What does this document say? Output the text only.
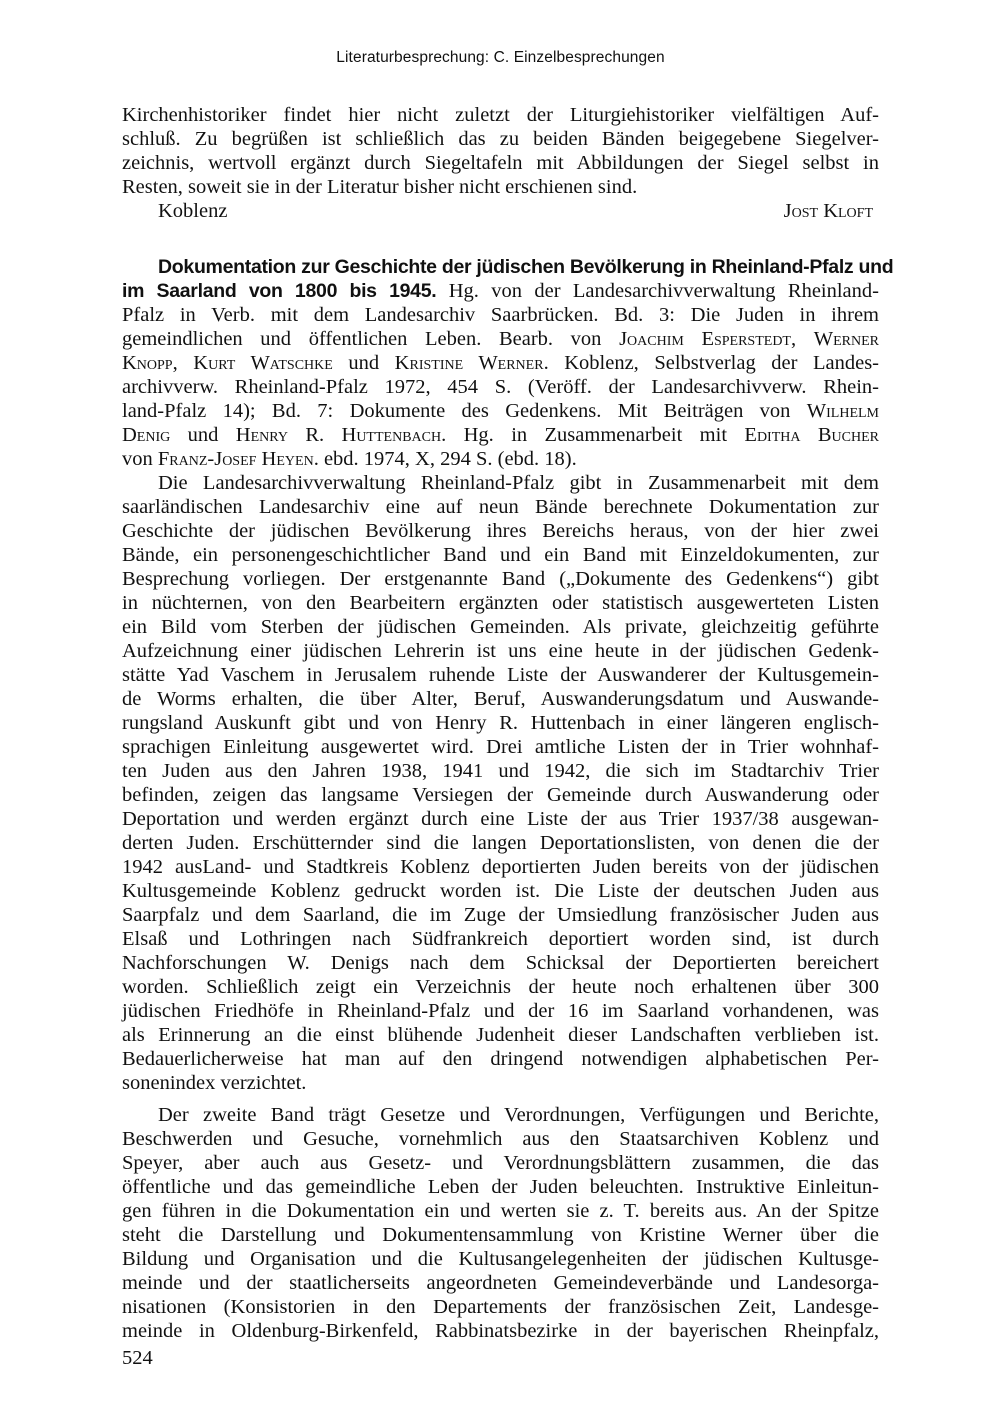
Literaturbesprechung: C. Einzelbesprechungen
Kirchenhistoriker findet hier nicht zuletzt der Liturgiehistoriker vielfältigen Auf-
schluß. Zu begrüßen ist schließlich das zu beiden Bänden beigegebene Siegelver-
zeichnis, wertvoll ergänzt durch Siegeltafeln mit Abbildungen der Siegel selbst in
Resten, soweit sie in der Literatur bisher nicht erschienen sind.
Koblenz	Jost Kloft
Dokumentation zur Geschichte der jüdischen Bevölkerung in Rheinland-Pfalz und
im Saarland von 1800 bis 1945. Hg. von der Landesarchivverwaltung Rheinland-
Pfalz in Verb. mit dem Landesarchiv Saarbrücken. Bd. 3: Die Juden in ihrem
gemeindlichen und öffentlichen Leben. Bearb. von Joachim Esperstedt, Werner
Knopp, Kurt Watschke und Kristine Werner. Koblenz, Selbstverlag der Landes-
archivverw. Rheinland-Pfalz 1972, 454 S. (Veröff. der Landesarchivverw. Rhein-
land-Pfalz 14); Bd. 7: Dokumente des Gedenkens. Mit Beiträgen von Wilhelm
Denig und Henry R. Huttenbach. Hg. in Zusammenarbeit mit Editha Bucher
von Franz-Josef Heyen. ebd. 1974, X, 294 S. (ebd. 18).
Die Landesarchivverwaltung Rheinland-Pfalz gibt in Zusammenarbeit mit dem
saarländischen Landesarchiv eine auf neun Bände berechnete Dokumentation zur
Geschichte der jüdischen Bevölkerung ihres Bereichs heraus, von der hier zwei
Bände, ein personengeschichtlicher Band und ein Band mit Einzeldokumenten, zur
Besprechung vorliegen. Der erstgenannte Band („Dokumente des Gedenkens“) gibt
in nüchternen, von den Bearbeitern ergänzten oder statistisch ausgewerteten Listen
ein Bild vom Sterben der jüdischen Gemeinden. Als private, gleichzeitig geführte
Aufzeichnung einer jüdischen Lehrerin ist uns eine heute in der jüdischen Gedenk-
stätte Yad Vaschem in Jerusalem ruhende Liste der Auswanderer der Kultusgemein-
de Worms erhalten, die über Alter, Beruf, Auswanderungsdatum und Auswande-
rungsland Auskunft gibt und von Henry R. Huttenbach in einer längeren englisch-
sprachigen Einleitung ausgewertet wird. Drei amtliche Listen der in Trier wohnhaf-
ten Juden aus den Jahren 1938, 1941 und 1942, die sich im Stadtarchiv Trier
befinden, zeigen das langsame Versiegen der Gemeinde durch Auswanderung oder
Deportation und werden ergänzt durch eine Liste der aus Trier 1937/38 ausgewan-
derten Juden. Erschütternder sind die langen Deportationslisten, von denen die der
1942 ausLand- und Stadtkreis Koblenz deportierten Juden bereits von der jüdischen
Kultusgemeinde Koblenz gedruckt worden ist. Die Liste der deutschen Juden aus
Saarpfalz und dem Saarland, die im Zuge der Umsiedlung französischer Juden aus
Elsaß und Lothringen nach Südfrankreich deportiert worden sind, ist durch
Nachforschungen W. Denigs nach dem Schicksal der Deportierten bereichert
worden. Schließlich zeigt ein Verzeichnis der heute noch erhaltenen über 300
jüdischen Friedhöfe in Rheinland-Pfalz und der 16 im Saarland vorhandenen, was
als Erinnerung an die einst blühende Judenheit dieser Landschaften verblieben ist.
Bedauerlicherweise hat man auf den dringend notwendigen alphabetischen Per-
sonenindex verzichtet.
Der zweite Band trägt Gesetze und Verordnungen, Verfügungen und Berichte,
Beschwerden und Gesuche, vornehmlich aus den Staatsarchiven Koblenz und
Speyer, aber auch aus Gesetz- und Verordnungsblättern zusammen, die das
öffentliche und das gemeindliche Leben der Juden beleuchten. Instruktive Einleitun-
gen führen in die Dokumentation ein und werten sie z. T. bereits aus. An der Spitze
steht die Darstellung und Dokumentensammlung von Kristine Werner über die
Bildung und Organisation und die Kultusangelegenheiten der jüdischen Kultusge-
meinde und der staatlicherseits angeordneten Gemeindeverbände und Landesorga-
nisationen (Konsistorien in den Departements der französischen Zeit, Landesge-
meinde in Oldenburg-Birkenfeld, Rabbinatsbezirke in der bayerischen Rheinpfalz,
524
